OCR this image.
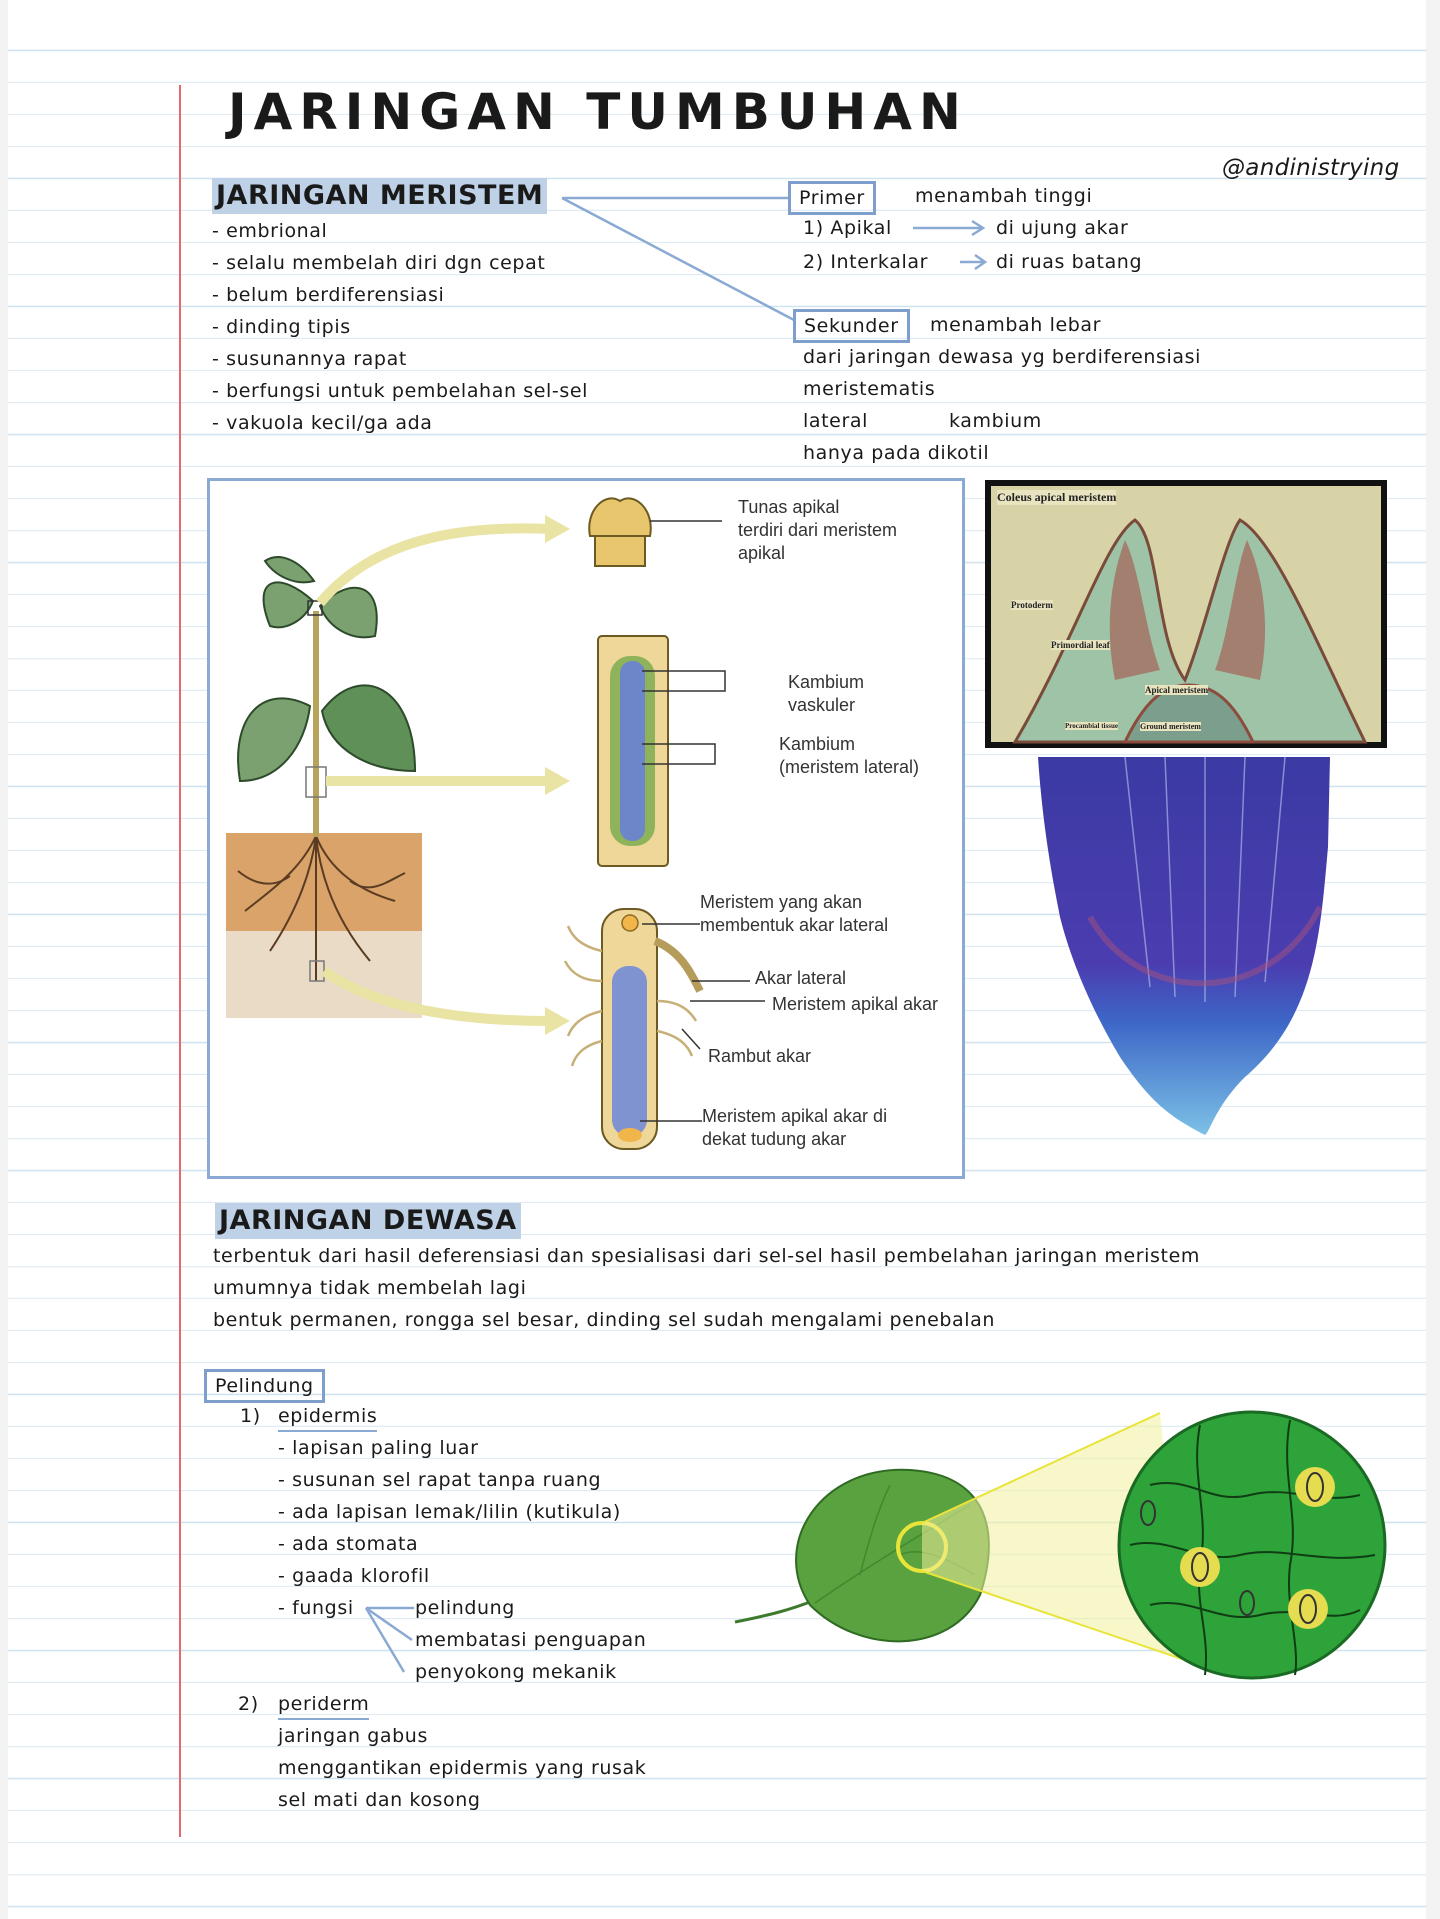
JARINGAN TUMBUHAN
@andinistrying
JARINGAN MERISTEM
- embrional
- selalu membelah diri dgn cepat
- belum berdiferensiasi
- dinding tipis
- susunannya rapat
- berfungsi untuk pembelahan sel-sel
- vakuola kecil/ga ada
Primer	menambah tinggi
1) Apikal	di ujung akar
2) Interkalar	di ruas batang
Sekunder	menambah lebar
dari jaringan dewasa yg berdiferensiasi
meristematis
lateral	kambium
hanya pada dikotil
Tunas apikal
terdiri dari meristem
apikal
Kambium
vaskuler
Kambium
(meristem lateral)
Meristem yang akan
membentuk akar lateral
Akar lateral
Meristem apikal akar
Rambut akar
Meristem apikal akar di
dekat tudung akar
Coleus apical meristem
Protoderm
Primordial leaf
Apical meristem
Procambial tissue	Ground meristem
JARINGAN DEWASA
terbentuk dari hasil deferensiasi dan spesialisasi dari sel-sel hasil pembelahan jaringan meristem
umumnya tidak membelah lagi
bentuk permanen, rongga sel besar, dinding sel sudah mengalami penebalan
Pelindung
1) epidermis
- lapisan paling luar
- susunan sel rapat tanpa ruang
- ada lapisan lemak/lilin (kutikula)
- ada stomata
- gaada klorofil
- fungsi	pelindung
membatasi penguapan
penyokong mekanik
2) periderm
jaringan gabus
menggantikan epidermis yang rusak
sel mati dan kosong
